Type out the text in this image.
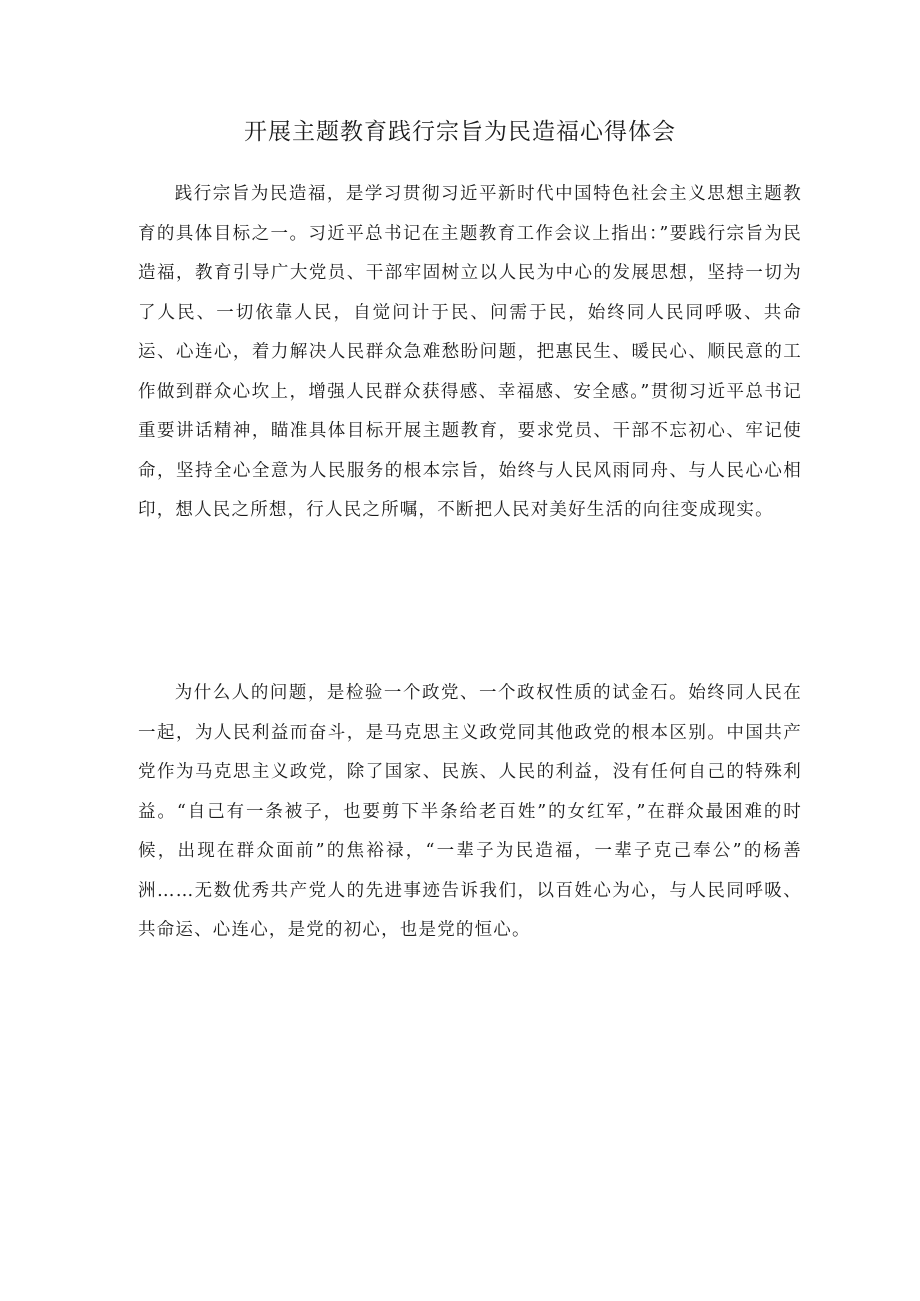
开展主题教育践行宗旨为民造福心得体会

践行宗旨为民造福，是学习贯彻习近平新时代中国特色社会主义思想主题教育的具体目标之一。习近平总书记在主题教育工作会议上指出：”要践行宗旨为民造福，教育引导广大党员、干部牢固树立以人民为中心的发展思想，坚持一切为了人民、一切依靠人民，自觉问计于民、问需于民，始终同人民同呼吸、共命运、心连心，着力解决人民群众急难愁盼问题，把惠民生、暖民心、顺民意的工作做到群众心坎上，增强人民群众获得感、幸福感、安全感。”贯彻习近平总书记重要讲话精神，瞄准具体目标开展主题教育，要求党员、干部不忘初心、牢记使命，坚持全心全意为人民服务的根本宗旨，始终与人民风雨同舟、与人民心心相印，想人民之所想，行人民之所嘱，不断把人民对美好生活的向往变成现实。

为什么人的问题，是检验一个政党、一个政权性质的试金石。始终同人民在一起，为人民利益而奋斗，是马克思主义政党同其他政党的根本区别。中国共产党作为马克思主义政党，除了国家、民族、人民的利益，没有任何自己的特殊利益。“自己有一条被子，也要剪下半条给老百姓”的女红军，”在群众最困难的时候，出现在群众面前”的焦裕禄，“一辈子为民造福，一辈子克己奉公”的杨善洲……无数优秀共产党人的先进事迹告诉我们，以百姓心为心，与人民同呼吸、共命运、心连心，是党的初心，也是党的恒心。
